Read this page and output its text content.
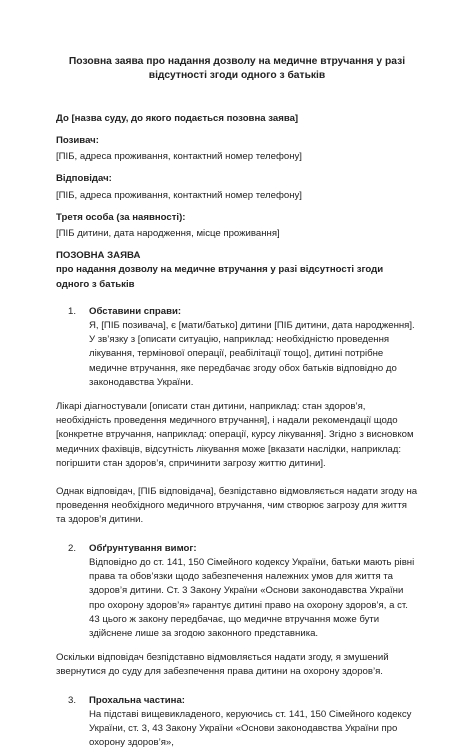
Позовна заява про надання дозволу на медичне втручання у разі відсутності згоди одного з батьків
До [назва суду, до якого подається позовна заява]
Позивач:
[ПІБ, адреса проживання, контактний номер телефону]
Відповідач:
[ПІБ, адреса проживання, контактний номер телефону]
Третя особа (за наявності):
[ПІБ дитини, дата народження, місце проживання]
ПОЗОВНА ЗАЯВА
про надання дозволу на медичне втручання у разі відсутності згоди одного з батьків
1.	Обставини справи:
Я, [ПІБ позивача], є [мати/батько] дитини [ПІБ дитини, дата народження]. У зв’язку з [описати ситуацію, наприклад: необхідністю проведення лікування, термінової операції, реабілітації тощо], дитині потрібне медичне втручання, яке передбачає згоду обох батьків відповідно до законодавства України.
Лікарі діагностували [описати стан дитини, наприклад: стан здоров’я, необхідність проведення медичного втручання], і надали рекомендації щодо [конкретне втручання, наприклад: операції, курсу лікування]. Згідно з висновком медичних фахівців, відсутність лікування може [вказати наслідки, наприклад: погіршити стан здоров’я, спричинити загрозу життю дитини].
Однак відповідач, [ПІБ відповідача], безпідставно відмовляється надати згоду на проведення необхідного медичного втручання, чим створює загрозу для життя та здоров’я дитини.
2.	Обґрунтування вимог:
Відповідно до ст. 141, 150 Сімейного кодексу України, батьки мають рівні права та обов’язки щодо забезпечення належних умов для життя та здоров’я дитини. Ст. 3 Закону України «Основи законодавства України про охорону здоров’я» гарантує дитині право на охорону здоров’я, а ст. 43 цього ж закону передбачає, що медичне втручання може бути здійснене лише за згодою законного представника.
Оскільки відповідач безпідставно відмовляється надати згоду, я змушений звернутися до суду для забезпечення права дитини на охорону здоров’я.
3.	Прохальна частина:
На підставі вищевикладеного, керуючись ст. 141, 150 Сімейного кодексу України, ст. 3, 43 Закону України «Основи законодавства України про охорону здоров’я»,
